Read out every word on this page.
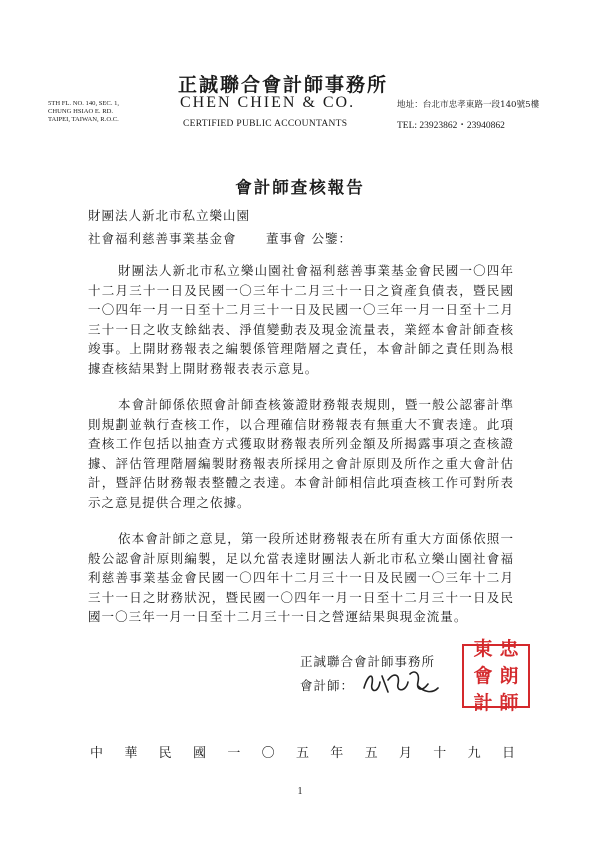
正誠聯合會計師事務所
CHEN CHIEN & CO.
CERTIFIED PUBLIC ACCOUNTANTS
5TH FL. NO. 140, SEC. 1,
CHUNG HSIAO E. RD.
TAIPEI, TAIWAN, R.O.C.
地址：台北市忠孝東路一段140號5樓
TEL: 23923862・23940862
會計師查核報告
財團法人新北市私立樂山園
社會福利慈善事業基金會 董事會 公鑒：
財團法人新北市私立樂山園社會福利慈善事業基金會民國一〇四年十二月三十一日及民國一〇三年十二月三十一日之資產負債表，暨民國一〇四年一月一日至十二月三十一日及民國一〇三年一月一日至十二月三十一日之收支餘絀表、淨值變動表及現金流量表，業經本會計師查核竣事。上開財務報表之編製係管理階層之責任，本會計師之責任則為根據查核結果對上開財務報表表示意見。
本會計師係依照會計師查核簽證財務報表規則，暨一般公認審計準則規劃並執行查核工作，以合理確信財務報表有無重大不實表達。此項查核工作包括以抽查方式獲取財務報表所列金額及所揭露事項之查核證據、評估管理階層編製財務報表所採用之會計原則及所作之重大會計估計，暨評估財務報表整體之表達。本會計師相信此項查核工作可對所表示之意見提供合理之依據。
依本會計師之意見，第一段所述財務報表在所有重大方面係依照一般公認會計原則編製，足以允當表達財團法人新北市私立樂山園社會福利慈善事業基金會民國一〇四年十二月三十一日及民國一〇三年十二月三十一日之財務狀況，暨民國一〇四年一月一日至十二月三十一日及民國一〇三年一月一日至十二月三十一日之營運結果與現金流量。
正誠聯合會計師事務所
會計師：
東 忠
會 朗
計 師
中 華 民 國 一 〇 五 年 五 月 十 九 日
1
